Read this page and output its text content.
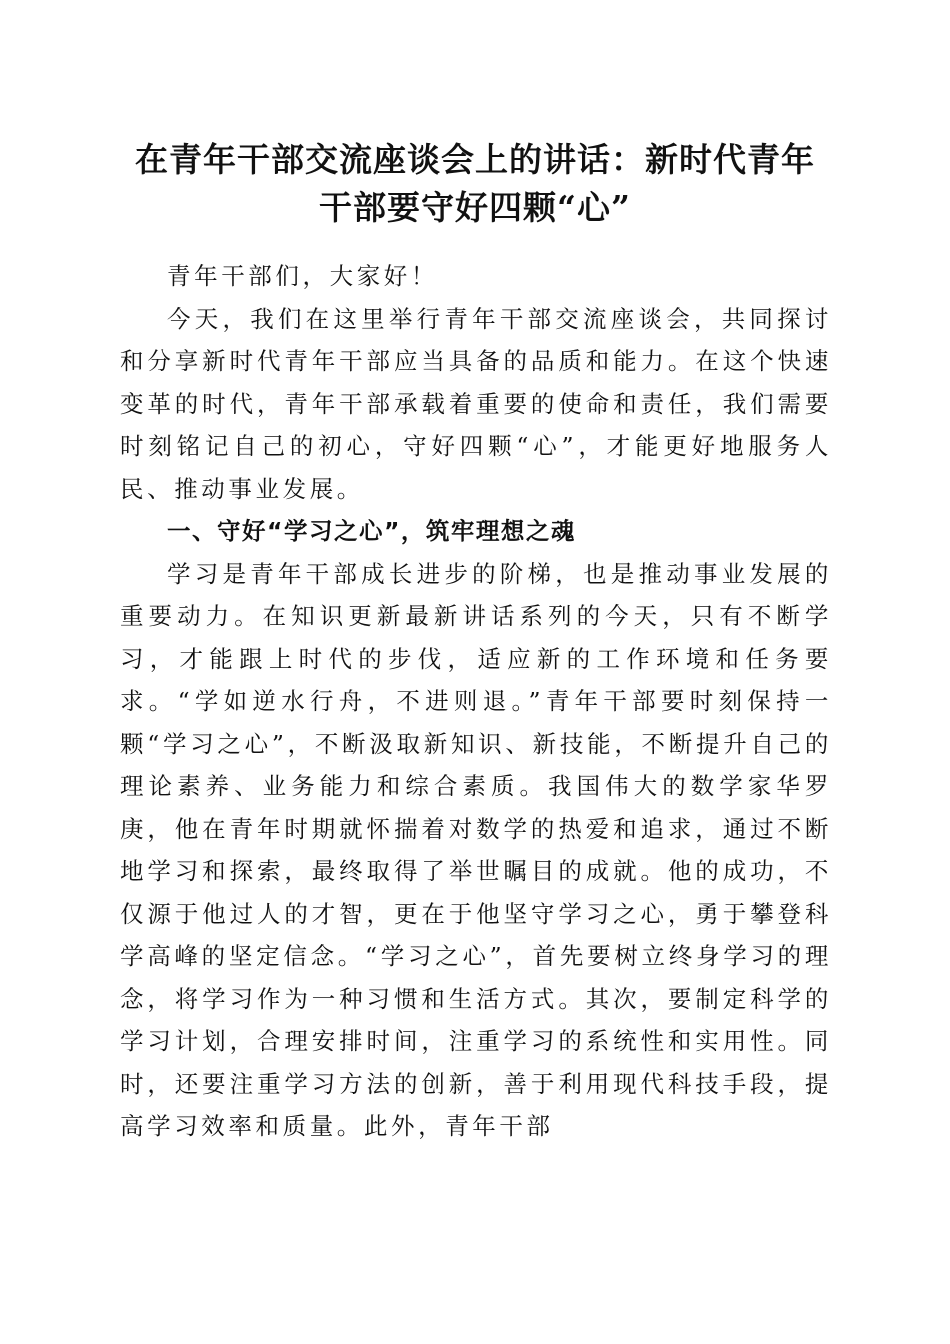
在青年干部交流座谈会上的讲话：新时代青年
干部要守好四颗“心”

青年干部们，大家好！

今天，我们在这里举行青年干部交流座谈会，共同探讨和分享新时代青年干部应当具备的品质和能力。在这个快速变革的时代，青年干部承载着重要的使命和责任，我们需要时刻铭记自己的初心，守好四颗“心”，才能更好地服务人民、推动事业发展。

一、守好“学习之心”，筑牢理想之魂

学习是青年干部成长进步的阶梯，也是推动事业发展的重要动力。在知识更新最新讲话系列的今天，只有不断学习，才能跟上时代的步伐，适应新的工作环境和任务要求。“学如逆水行舟，不进则退。”青年干部要时刻保持一颗“学习之心”，不断汲取新知识、新技能，不断提升自己的理论素养、业务能力和综合素质。我国伟大的数学家华罗庚，他在青年时期就怀揣着对数学的热爱和追求，通过不断地学习和探索，最终取得了举世瞩目的成就。他的成功，不仅源于他过人的才智，更在于他坚守学习之心，勇于攀登科学高峰的坚定信念。“学习之心”，首先要树立终身学习的理念，将学习作为一种习惯和生活方式。其次，要制定科学的学习计划，合理安排时间，注重学习的系统性和实用性。同时，还要注重学习方法的创新，善于利用现代科技手段，提高学习效率和质量。此外，青年干部
